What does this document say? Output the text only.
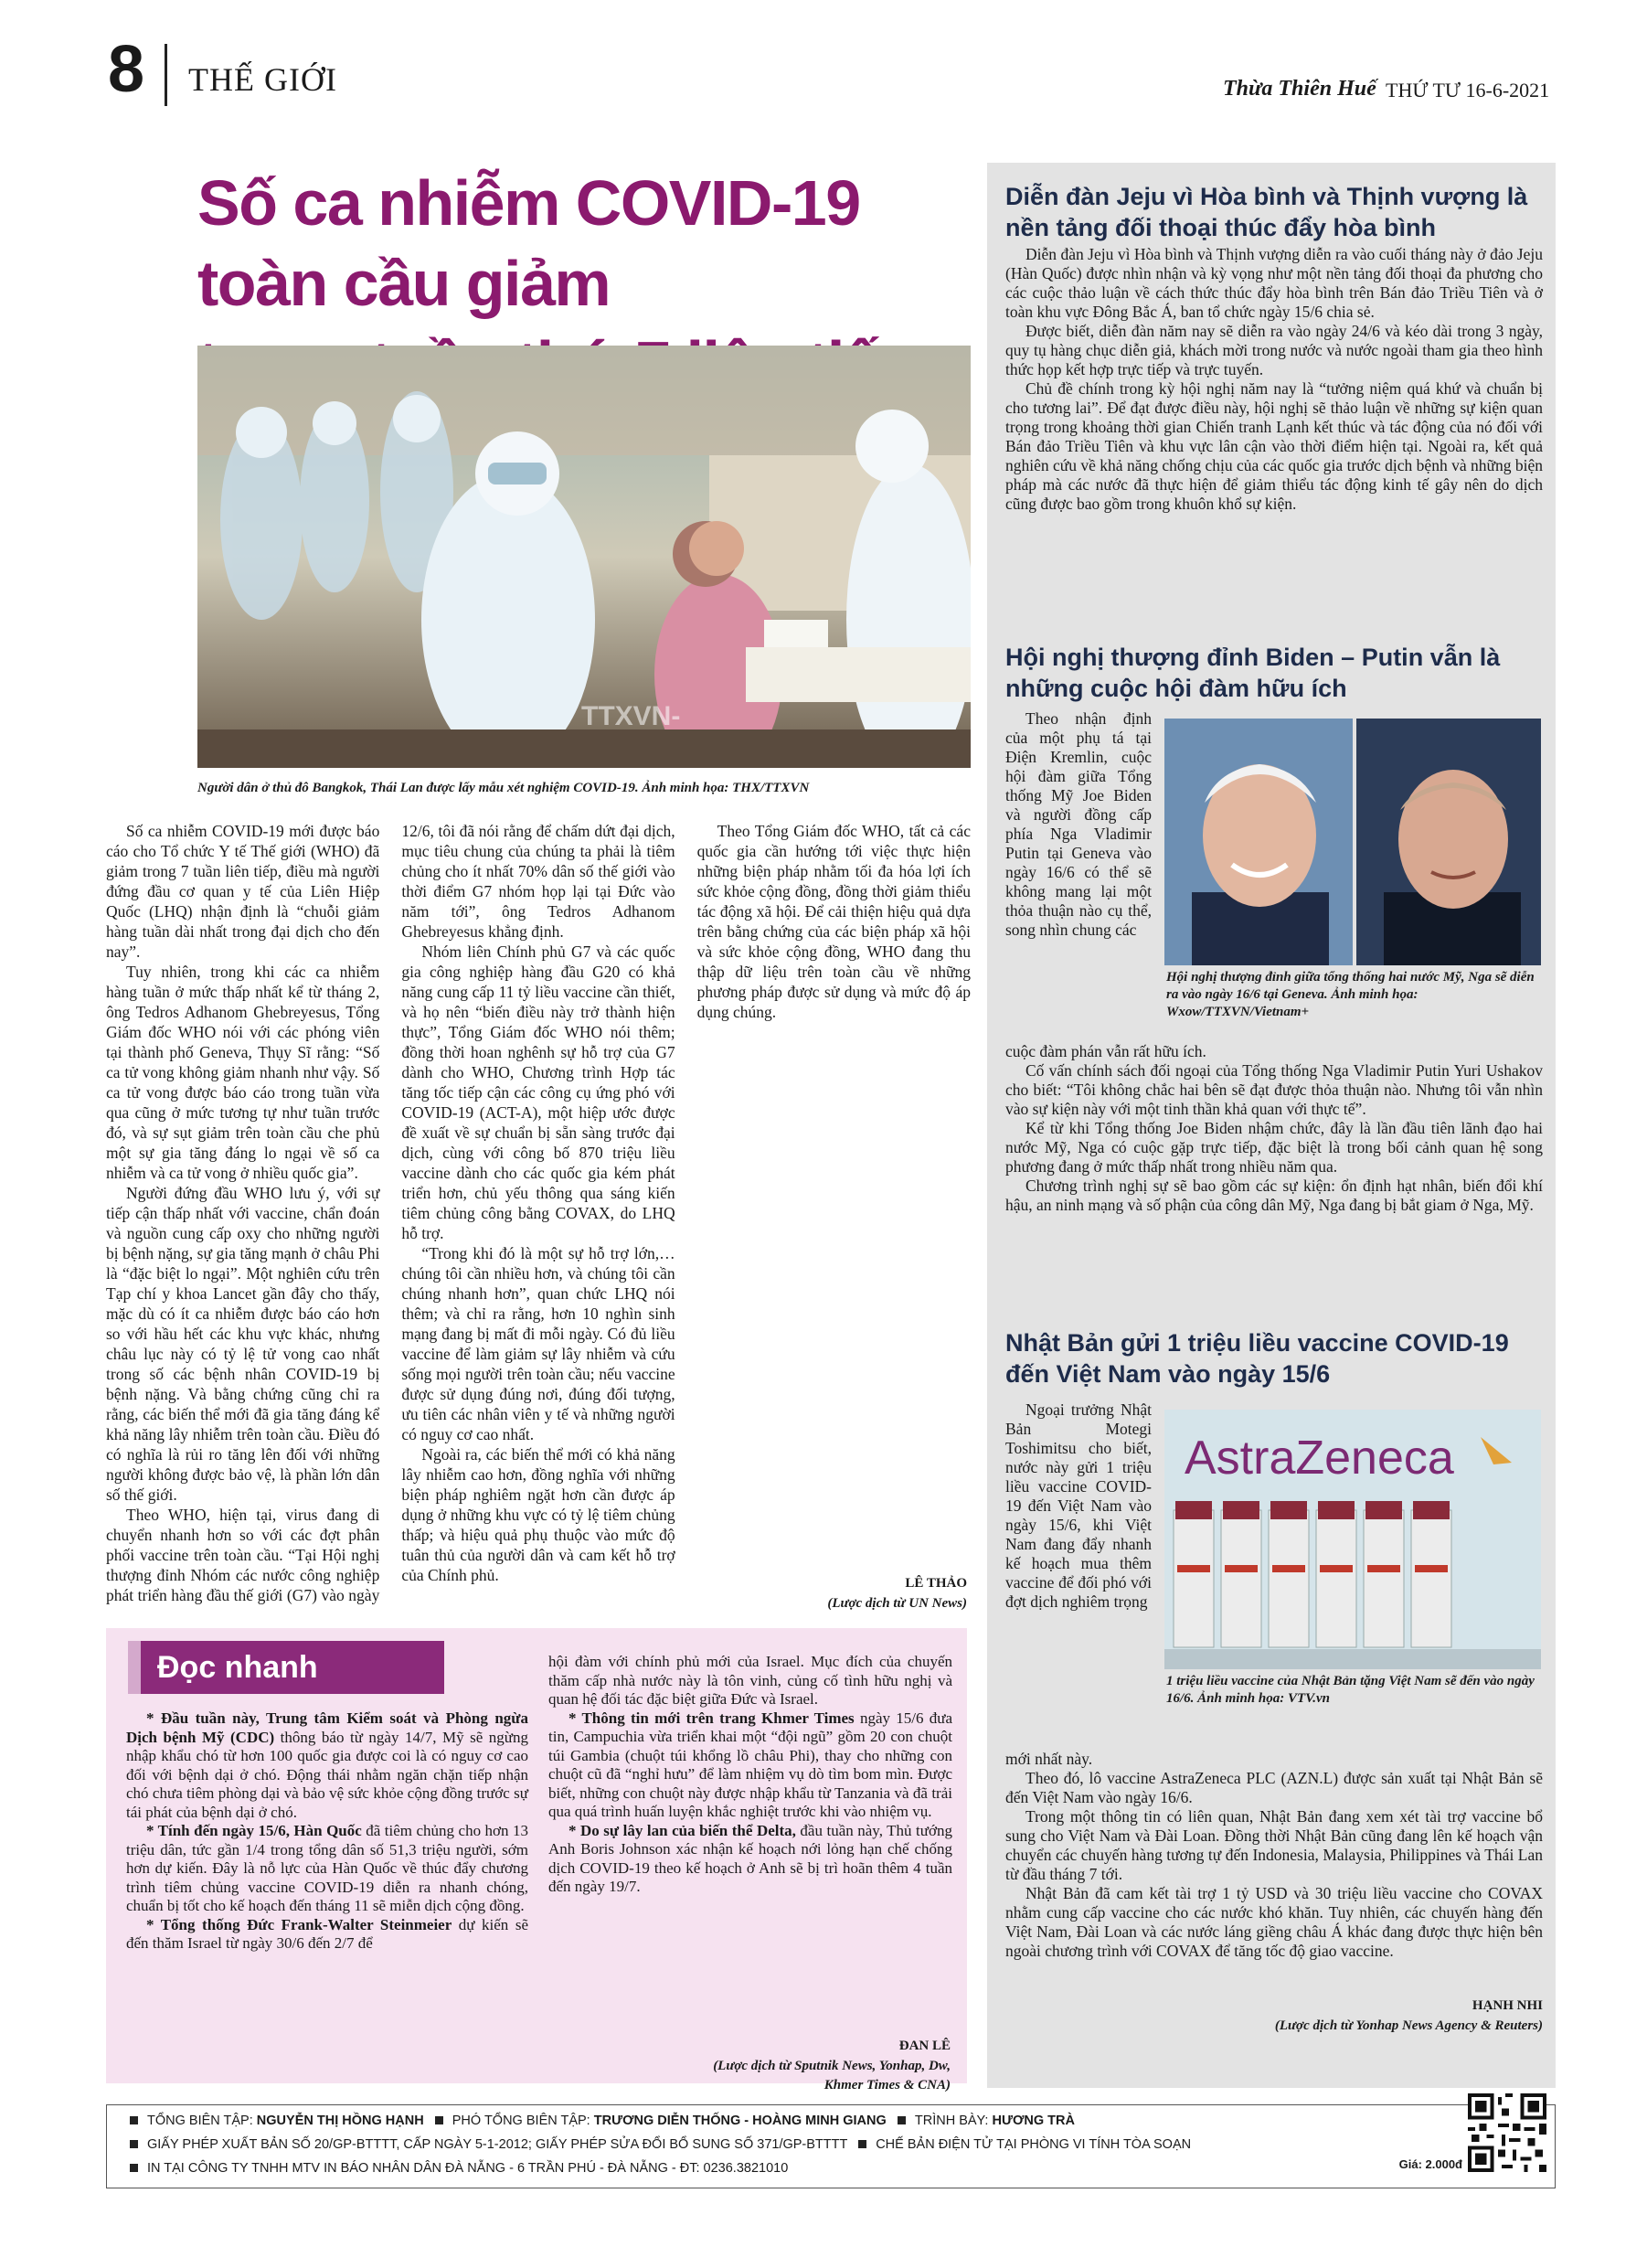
8 THẾ GIỚI	Thừa Thiên Huế THỨ TƯ 16-6-2021
Số ca nhiễm COVID-19 toàn cầu giảm
TTXVN-
Người dân ở thủ đô Bangkok, Thái Lan được lấy mẫu xét nghiệm COVID-19. Ảnh minh họa: THX/TTXVN

Số ca nhiễm COVID-19 mới được báo cáo cho Tổ chức Y tế Thế giới (WHO) đã giảm trong 7 tuần liên tiếp, điều mà người đứng đầu cơ quan y tế của Liên Hiệp Quốc (LHQ) nhận định là “chuỗi giảm hàng tuần dài nhất trong đại dịch cho đến nay”.

Tuy nhiên, trong khi các ca nhiễm hàng tuần ở mức thấp nhất kể từ tháng 2, ông Tedros Adhanom Ghebreyesus, Tổng Giám đốc WHO nói với các phóng viên tại thành phố Geneva, Thụy Sĩ rằng: “Số ca tử vong không giảm nhanh như vậy. Số ca tử vong được báo cáo trong tuần vừa qua cũng ở mức tương tự như tuần trước đó, và sự sụt giảm trên toàn cầu che phủ một sự gia tăng đáng lo ngại về số ca nhiễm và ca tử vong ở nhiều quốc gia”.

Người đứng đầu WHO lưu ý, với sự tiếp cận thấp nhất với vaccine, chẩn đoán và nguồn cung cấp oxy cho những người bị bệnh nặng, sự gia tăng mạnh ở châu Phi là “đặc biệt lo ngại”. Một nghiên cứu trên Tạp chí y khoa Lancet gần đây cho thấy, mặc dù có ít ca nhiễm được báo cáo hơn so với hầu hết các khu vực khác, nhưng châu lục này có tỷ lệ tử vong cao nhất trong số các bệnh nhân COVID-19 bị bệnh nặng. Và bằng chứng cũng chỉ ra rằng, các biến thể mới đã gia tăng đáng kể khả năng lây nhiễm trên toàn cầu. Điều đó có nghĩa là rủi ro tăng lên đối với những người không được bảo vệ, là phần lớn dân số thế giới.

Theo WHO, hiện tại, virus đang di chuyển nhanh hơn so với các đợt phân phối vaccine trên toàn cầu. “Tại Hội nghị thượng đỉnh Nhóm các nước công nghiệp phát triển hàng đầu thế giới (G7) vào ngày 12/6, tôi đã nói rằng để chấm dứt đại dịch, mục tiêu chung của chúng ta phải là tiêm chủng cho ít nhất 70% dân số thế giới vào thời điểm G7 nhóm họp lại tại Đức vào năm tới”, ông Tedros Adhanom Ghebreyesus khẳng định.

Nhóm liên Chính phủ G7 và các quốc gia công nghiệp hàng đầu G20 có khả năng cung cấp 11 tỷ liều vaccine cần thiết, và họ nên “biến điều này trở thành hiện thực”, Tổng Giám đốc WHO nói thêm; đồng thời hoan nghênh sự hỗ trợ của G7 dành cho WHO, Chương trình Hợp tác tăng tốc tiếp cận các công cụ ứng phó với COVID-19 (ACT-A), một hiệp ước được đề xuất về sự chuẩn bị sẵn sàng trước đại dịch, cùng với công bố 870 triệu liều vaccine dành cho các quốc gia kém phát triển hơn, chủ yếu thông qua sáng kiến tiêm chủng công bằng COVAX, do LHQ hỗ trợ.

“Trong khi đó là một sự hỗ trợ lớn,… chúng tôi cần nhiều hơn, và chúng tôi cần chúng nhanh hơn”, quan chức LHQ nói thêm; và chỉ ra rằng, hơn 10 nghìn sinh mạng đang bị mất đi mỗi ngày. Có đủ liều vaccine để làm giảm sự lây nhiễm và cứu sống mọi người trên toàn cầu; nếu vaccine được sử dụng đúng nơi, đúng đối tượng, ưu tiên các nhân viên y tế và những người có nguy cơ cao nhất.

Ngoài ra, các biến thể mới có khả năng lây nhiễm cao hơn, đồng nghĩa với những biện pháp nghiêm ngặt hơn cần được áp dụng ở những khu vực có tỷ lệ tiêm chủng thấp; và hiệu quả phụ thuộc vào mức độ tuân thủ của người dân và cam kết hỗ trợ của Chính phủ.

Theo Tổng Giám đốc WHO, tất cả các quốc gia cần hướng tới việc thực hiện những biện pháp nhằm tối đa hóa lợi ích sức khỏe cộng đồng, đồng thời giảm thiểu tác động xã hội. Để cải thiện hiệu quả dựa trên bằng chứng của các biện pháp xã hội và sức khỏe cộng đồng, WHO đang thu thập dữ liệu trên toàn cầu về những phương pháp được sử dụng và mức độ áp dụng chúng.

LÊ THẢO
(Lược dịch từ UN News)
Đọc nhanh

* Đầu tuần này, Trung tâm Kiểm soát và Phòng ngừa Dịch bệnh Mỹ (CDC) thông báo từ ngày 14/7, Mỹ sẽ ngừng nhập khẩu chó từ hơn 100 quốc gia được coi là có nguy cơ cao đối với bệnh dại ở chó. Động thái nhằm ngăn chặn tiếp nhận chó chưa tiêm phòng dại và bảo vệ sức khỏe cộng đồng trước sự tái phát của bệnh dại ở chó.

* Tính đến ngày 15/6, Hàn Quốc đã tiêm chủng cho hơn 13 triệu dân, tức gần 1/4 trong tổng dân số 51,3 triệu người, sớm hơn dự kiến. Đây là nỗ lực của Hàn Quốc về thúc đẩy chương trình tiêm chủng vaccine COVID-19 diễn ra nhanh chóng, chuẩn bị tốt cho kế hoạch đến tháng 11 sẽ miễn dịch cộng đồng.

* Tổng thống Đức Frank-Walter Steinmeier dự kiến sẽ đến thăm Israel từ ngày 30/6 đến 2/7 để

hội đàm với chính phủ mới của Israel. Mục đích của chuyến thăm cấp nhà nước này là tôn vinh, củng cố tình hữu nghị và quan hệ đối tác đặc biệt giữa Đức và Israel.

* Thông tin mới trên trang Khmer Times ngày 15/6 đưa tin, Campuchia vừa triển khai một “đội ngũ” gồm 20 con chuột túi Gambia (chuột túi khổng lồ châu Phi), thay cho những con chuột cũ đã “nghỉ hưu” để làm nhiệm vụ dò tìm bom mìn. Được biết, những con chuột này được nhập khẩu từ Tanzania và đã trải qua quá trình huấn luyện khắc nghiệt trước khi vào nhiệm vụ.

* Do sự lây lan của biến thể Delta, đầu tuần này, Thủ tướng Anh Boris Johnson xác nhận kế hoạch nới lỏng hạn chế chống dịch COVID-19 theo kế hoạch ở Anh sẽ bị trì hoãn thêm 4 tuần đến ngày 19/7.

ĐAN LÊ
(Lược dịch từ Sputnik News, Yonhap, Dw, Khmer Times & CNA)
Diễn đàn Jeju vì Hòa bình và Thịnh vượng là nền tảng đối thoại thúc đẩy hòa bình

Diễn đàn Jeju vì Hòa bình và Thịnh vượng diễn ra vào cuối tháng này ở đảo Jeju (Hàn Quốc) được nhìn nhận và kỳ vọng như một nền tảng đối thoại đa phương cho các cuộc thảo luận về cách thức thúc đẩy hòa bình trên Bán đảo Triều Tiên và ở toàn khu vực Đông Bắc Á, ban tổ chức ngày 15/6 chia sẻ.

Được biết, diễn đàn năm nay sẽ diễn ra vào ngày 24/6 và kéo dài trong 3 ngày, quy tụ hàng chục diễn giả, khách mời trong nước và nước ngoài tham gia theo hình thức họp kết hợp trực tiếp và trực tuyến.

Chủ đề chính trong kỳ hội nghị năm nay là “tưởng niệm quá khứ và chuẩn bị cho tương lai”. Để đạt được điều này, hội nghị sẽ thảo luận về những sự kiện quan trọng trong khoảng thời gian Chiến tranh Lạnh kết thúc và tác động của nó đối với Bán đảo Triều Tiên và khu vực lân cận vào thời điểm hiện tại. Ngoài ra, kết quả nghiên cứu về khả năng chống chịu của các quốc gia trước dịch bệnh và những biện pháp mà các nước đã thực hiện để giảm thiểu tác động kinh tế gây nên do dịch cũng được bao gồm trong khuôn khổ sự kiện.

Hội nghị thượng đỉnh Biden – Putin vẫn là những cuộc hội đàm hữu ích

Theo nhận định của một phụ tá tại Điện Kremlin, cuộc hội đàm giữa Tổng thống Mỹ Joe Biden và người đồng cấp phía Nga Vladimir Putin tại Geneva vào ngày 16/6 có thể sẽ không mang lại một thỏa thuận nào cụ thể, song nhìn chung các

Hội nghị thượng đỉnh giữa tổng thống hai nước Mỹ, Nga sẽ diễn ra vào ngày 16/6 tại Geneva. Ảnh minh họa: Wxow/TTXVN/Vietnam+

cuộc đàm phán vẫn rất hữu ích.

Cố vấn chính sách đối ngoại của Tổng thống Nga Vladimir Putin Yuri Ushakov cho biết: “Tôi không chắc hai bên sẽ đạt được thỏa thuận nào. Nhưng tôi vẫn nhìn vào sự kiện này với một tinh thần khả quan với thực tế”.

Kể từ khi Tổng thống Joe Biden nhậm chức, đây là lần đầu tiên lãnh đạo hai nước Mỹ, Nga có cuộc gặp trực tiếp, đặc biệt là trong bối cảnh quan hệ song phương đang ở mức thấp nhất trong nhiều năm qua.

Chương trình nghị sự sẽ bao gồm các sự kiện: ổn định hạt nhân, biến đổi khí hậu, an ninh mạng và số phận của công dân Mỹ, Nga đang bị bắt giam ở Nga, Mỹ.

Nhật Bản gửi 1 triệu liều vaccine COVID-19 đến Việt Nam vào ngày 15/6

Ngoại trưởng Nhật Bản Motegi Toshimitsu cho biết, nước này gửi 1 triệu liều vaccine COVID-19 đến Việt Nam vào ngày 15/6, khi Việt Nam đang đẩy nhanh kế hoạch mua thêm vaccine để đối phó với đợt dịch nghiêm trọng

AstraZeneca
1 triệu liều vaccine của Nhật Bản tặng Việt Nam sẽ đến vào ngày 16/6. Ảnh minh họa: VTV.vn

mới nhất này.

Theo đó, lô vaccine AstraZeneca PLC (AZN.L) được sản xuất tại Nhật Bản sẽ đến Việt Nam vào ngày 16/6.

Trong một thông tin có liên quan, Nhật Bản đang xem xét tài trợ vaccine bổ sung cho Việt Nam và Đài Loan. Đồng thời Nhật Bản cũng đang lên kế hoạch vận chuyển các chuyến hàng tương tự đến Indonesia, Malaysia, Philippines và Thái Lan từ đầu tháng 7 tới.

Nhật Bản đã cam kết tài trợ 1 tỷ USD và 30 triệu liều vaccine cho COVAX nhằm cung cấp vaccine cho các nước khó khăn. Tuy nhiên, các chuyến hàng đến Việt Nam, Đài Loan và các nước láng giềng châu Á khác đang được thực hiện bên ngoài chương trình với COVAX để tăng tốc độ giao vaccine.

HẠNH NHI
(Lược dịch từ Yonhap News Agency & Reuters)
TỔNG BIÊN TẬP: NGUYỄN THỊ HỒNG HẠNH PHÓ TỔNG BIÊN TẬP: TRƯƠNG DIỄN THỐNG - HOÀNG MINH GIANG TRÌNH BÀY: HƯƠNG TRÀ
GIẤY PHÉP XUẤT BẢN SỐ 20/GP-BTTTT, CẤP NGÀY 5-1-2012; GIẤY PHÉP SỬA ĐỔI BỔ SUNG SỐ 371/GP-BTTTT CHẾ BẢN ĐIỆN TỬ TẠI PHÒNG VI TÍNH TÒA SOẠN
IN TẠI CÔNG TY TNHH MTV IN BÁO NHÂN DÂN ĐÀ NẴNG - 6 TRẦN PHÚ - ĐÀ NẴNG - ĐT: 0236.3821010	Giá: 2.000đ
